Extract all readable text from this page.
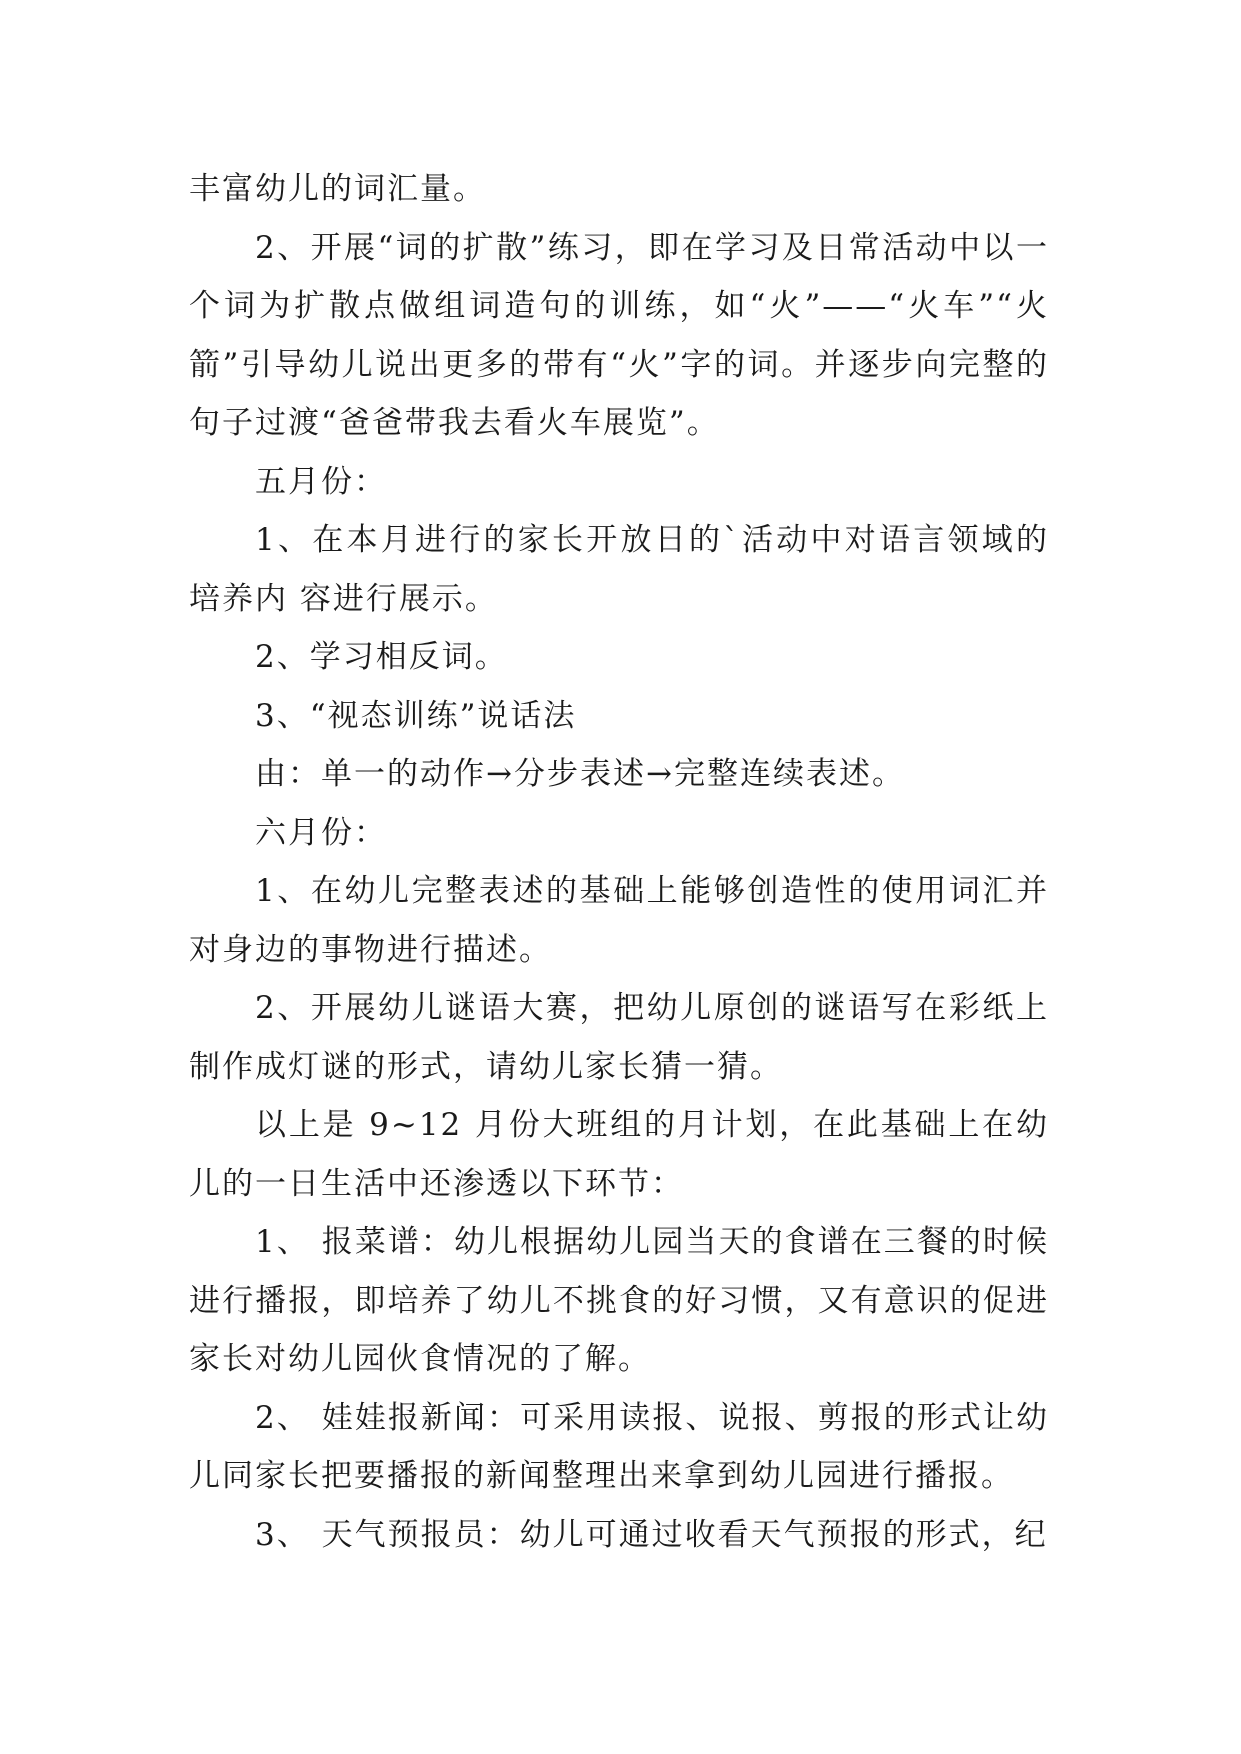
丰富幼儿的词汇量。

2、开展“词的扩散”练习，即在学习及日常活动中以一个词为扩散点做组词造句的训练，如“火”——“火车”“火箭”引导幼儿说出更多的带有“火”字的词。并逐步向完整的句子过渡“爸爸带我去看火车展览”。

五月份：

1、在本月进行的家长开放日的`活动中对语言领域的培养内 容进行展示。

2、学习相反词。

3、“视态训练”说话法

由：单一的动作→分步表述→完整连续表述。

六月份：

1、在幼儿完整表述的基础上能够创造性的使用词汇并对身边的事物进行描述。

2、开展幼儿谜语大赛，把幼儿原创的谜语写在彩纸上制作成灯谜的形式，请幼儿家长猜一猜。

以上是 9~12 月份大班组的月计划，在此基础上在幼儿的一日生活中还渗透以下环节：

1、 报菜谱：幼儿根据幼儿园当天的食谱在三餐的时候进行播报，即培养了幼儿不挑食的好习惯，又有意识的促进家长对幼儿园伙食情况的了解。

2、 娃娃报新闻：可采用读报、说报、剪报的形式让幼儿同家长把要播报的新闻整理出来拿到幼儿园进行播报。

3、 天气预报员：幼儿可通过收看天气预报的形式，纪
